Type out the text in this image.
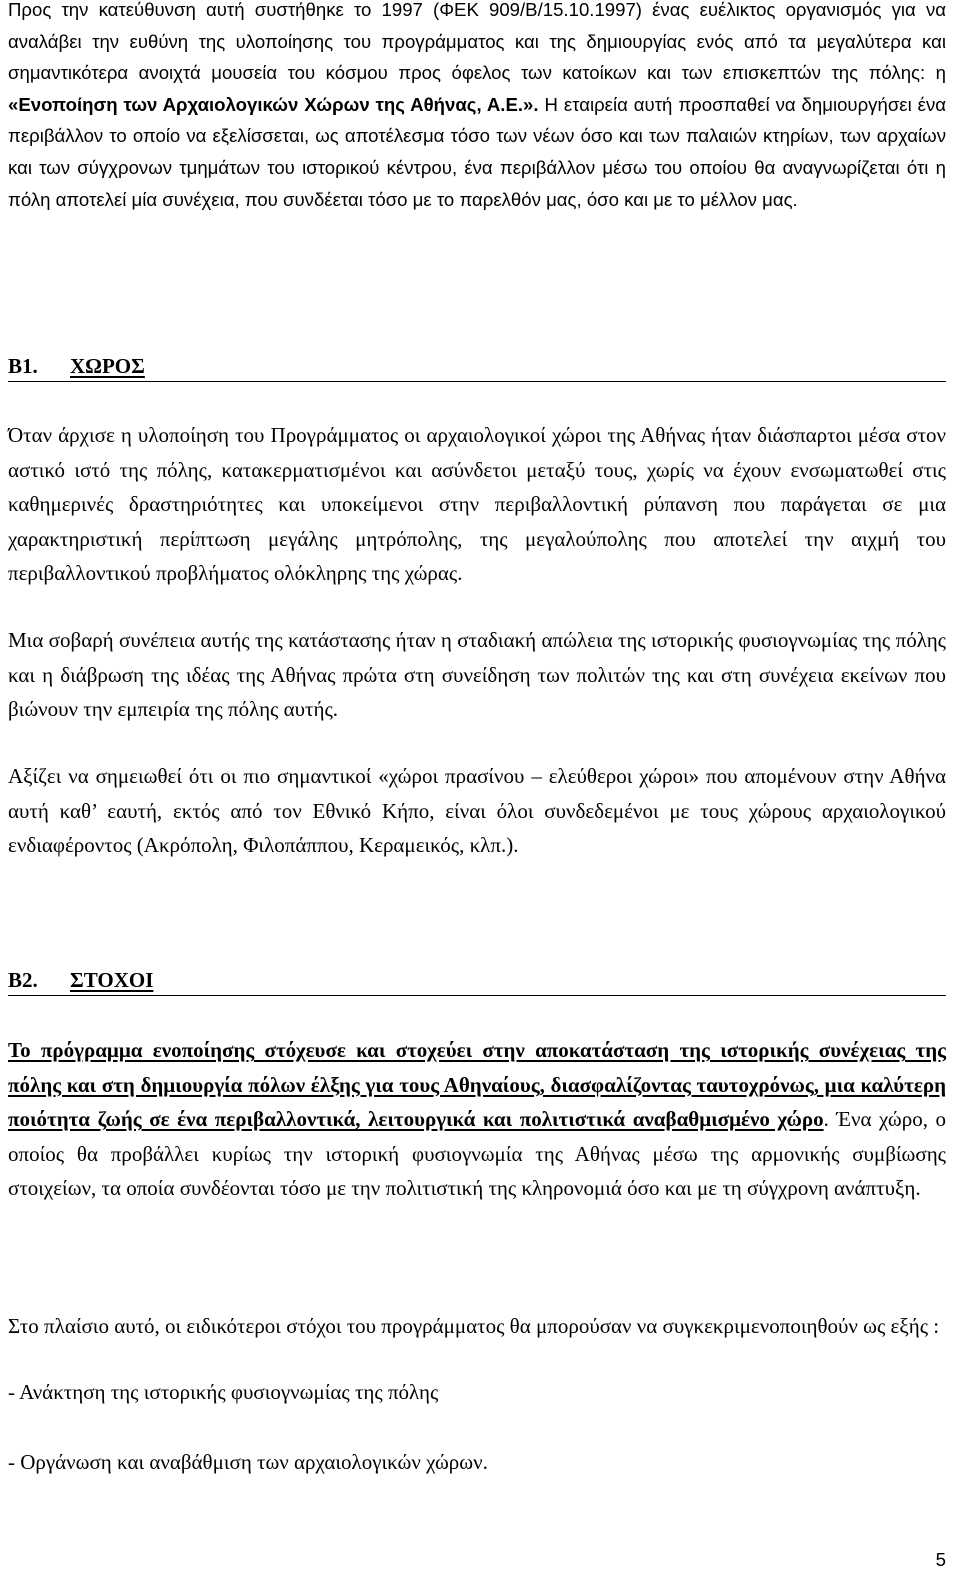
Προς την κατεύθυνση αυτή συστήθηκε το 1997 (ΦΕΚ 909/Β/15.10.1997) ένας ευέλικτος οργανισμός για να αναλάβει την ευθύνη της υλοποίησης του προγράμματος και της δημιουργίας ενός από τα μεγαλύτερα και σημαντικότερα ανοιχτά μουσεία του κόσμου προς όφελος των κατοίκων και των επισκεπτών της πόλης: η «Ενοποίηση των Αρχαιολογικών Χώρων της Αθήνας, Α.Ε.». Η εταιρεία αυτή προσπαθεί να δημιουργήσει ένα περιβάλλον το οποίο να εξελίσσεται, ως αποτέλεσμα τόσο των νέων όσο και των παλαιών κτηρίων, των αρχαίων και των σύγχρονων τμημάτων του ιστορικού κέντρου, ένα περιβάλλον μέσω του οποίου θα αναγνωρίζεται ότι η πόλη αποτελεί μία συνέχεια, που συνδέεται τόσο με το παρελθόν μας, όσο και με το μέλλον μας.

Β1. ΧΩΡΟΣ

Όταν άρχισε η υλοποίηση του Προγράμματος οι αρχαιολογικοί χώροι της Αθήνας ήταν διάσπαρτοι μέσα στον αστικό ιστό της πόλης, κατακερματισμένοι και ασύνδετοι μεταξύ τους, χωρίς να έχουν ενσωματωθεί στις καθημερινές δραστηριότητες και υποκείμενοι στην περιβαλλοντική ρύπανση που παράγεται σε μια χαρακτηριστική περίπτωση μεγάλης μητρόπολης, της μεγαλούπολης που αποτελεί την αιχμή του περιβαλλοντικού προβλήματος ολόκληρης της χώρας.

Μια σοβαρή συνέπεια αυτής της κατάστασης ήταν η σταδιακή απώλεια της ιστορικής φυσιογνωμίας της πόλης και η διάβρωση της ιδέας της Αθήνας πρώτα στη συνείδηση των πολιτών της και στη συνέχεια εκείνων που βιώνουν την εμπειρία της πόλης αυτής.

Αξίζει να σημειωθεί ότι οι πιο σημαντικοί «χώροι πρασίνου – ελεύθεροι χώροι» που απομένουν στην Αθήνα αυτή καθ’ εαυτή, εκτός από τον Εθνικό Κήπο, είναι όλοι συνδεδεμένοι με τους χώρους αρχαιολογικού ενδιαφέροντος (Ακρόπολη, Φιλοπάππου, Κεραμεικός, κλπ.).

Β2. ΣΤΟΧΟΙ

Το πρόγραμμα ενοποίησης στόχευσε και στοχεύει στην αποκατάσταση της ιστορικής συνέχειας της πόλης και στη δημιουργία πόλων έλξης για τους Αθηναίους, διασφαλίζοντας ταυτοχρόνως, μια καλύτερη ποιότητα ζωής σε ένα περιβαλλοντικά, λειτουργικά και πολιτιστικά αναβαθμισμένο χώρο. Ένα χώρο, ο οποίος θα προβάλλει κυρίως την ιστορική φυσιογνωμία της Αθήνας μέσω της αρμονικής συμβίωσης στοιχείων, τα οποία συνδέονται τόσο με την πολιτιστική της κληρονομιά όσο και με τη σύγχρονη ανάπτυξη.

Στο πλαίσιο αυτό, οι ειδικότεροι στόχοι του προγράμματος θα μπορούσαν να συγκεκριμενοποιηθούν ως εξής :

- Ανάκτηση της ιστορικής φυσιογνωμίας της πόλης

- Οργάνωση και αναβάθμιση των αρχαιολογικών χώρων.

5
